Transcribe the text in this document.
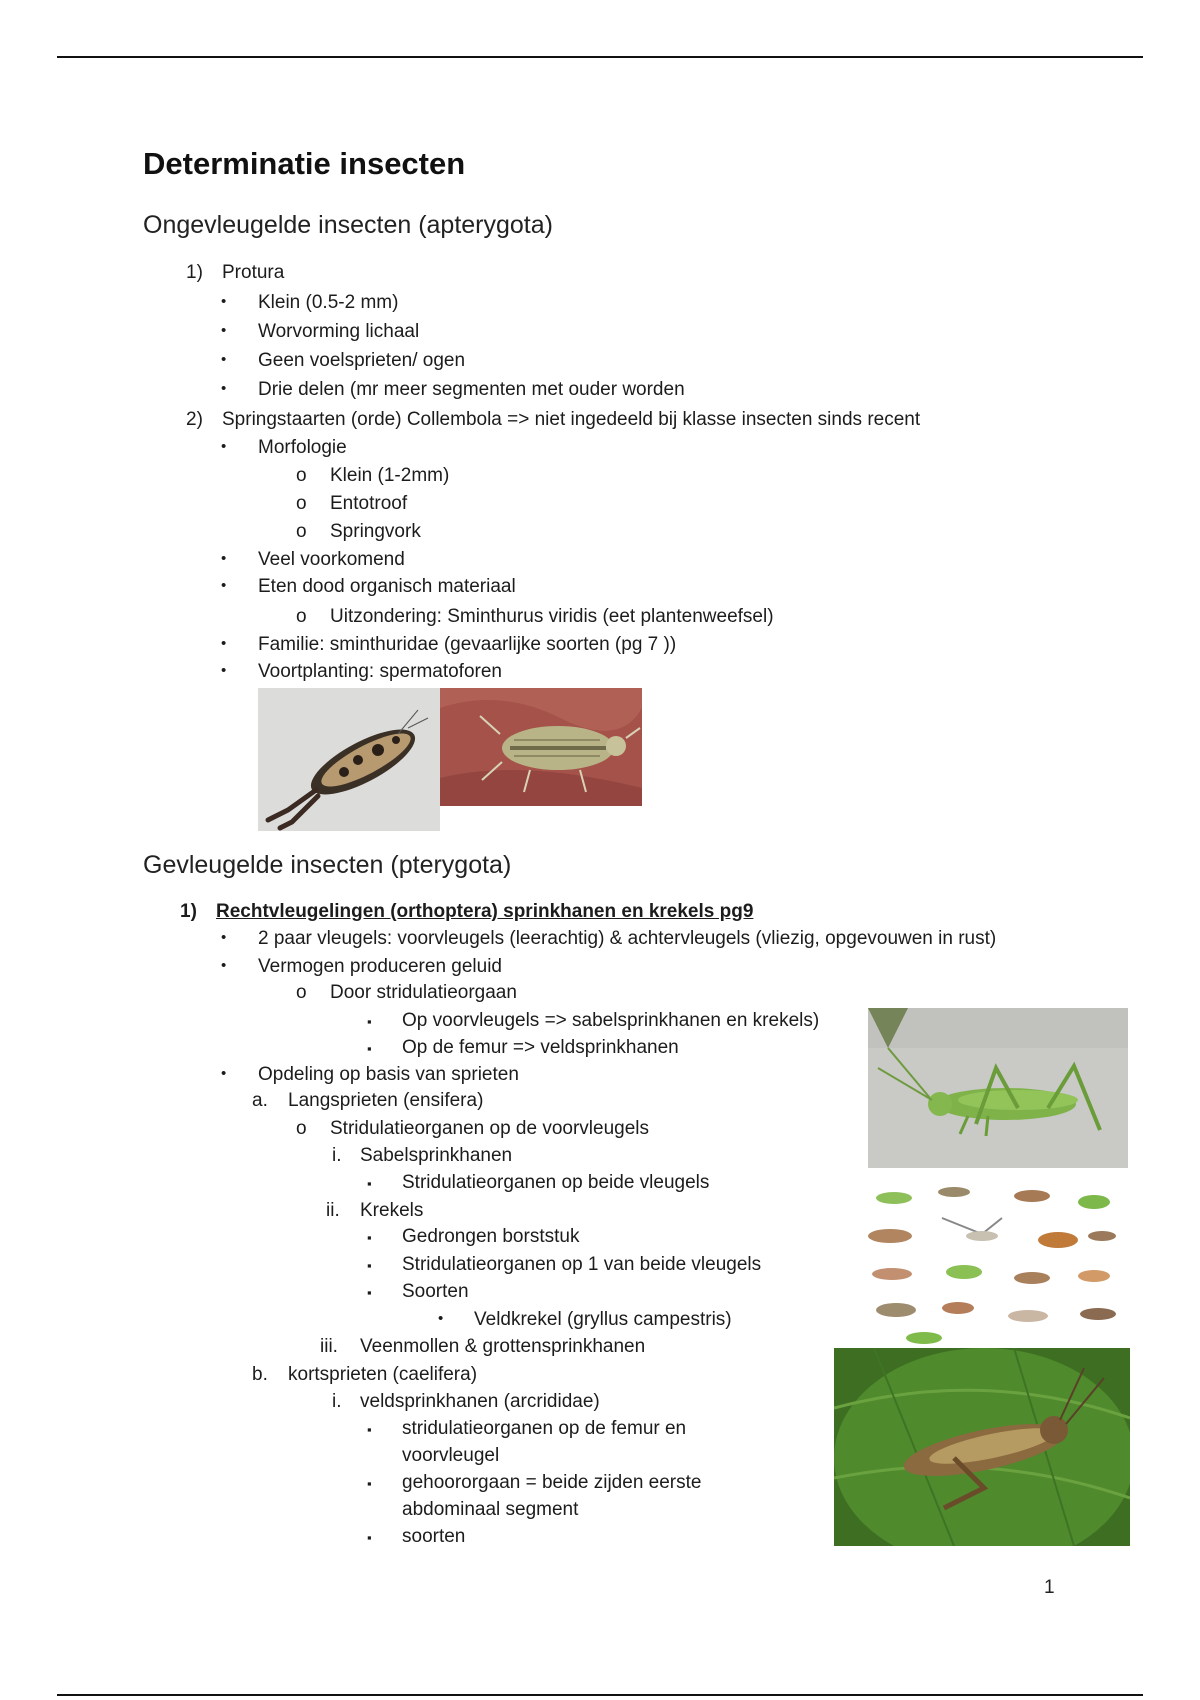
Determinatie insecten
Ongevleugelde insecten (apterygota)
1) Protura
• Klein (0.5-2 mm)
• Worvorming lichaal
• Geen voelsprieten/ ogen
• Drie delen (mr meer segmenten met ouder worden
2) Springstaarten (orde) Collembola => niet ingedeeld bij klasse insecten sinds recent
• Morfologie
o Klein (1-2mm)
o Entotroof
o Springvork
• Veel voorkomend
• Eten dood organisch materiaal
o Uitzondering: Sminthurus viridis (eet plantenweefsel)
• Familie: sminthuridae (gevaarlijke soorten (pg 7 ))
• Voortplanting: spermatoforen
Gevleugelde insecten (pterygota)
1) Rechtvleugelingen (orthoptera) sprinkhanen en krekels pg9
• 2 paar vleugels: voorvleugels (leerachtig) & achtervleugels (vliezig, opgevouwen in rust)
• Vermogen produceren geluid
o Door stridulatieorgaan
▪ Op voorvleugels => sabelsprinkhanen en krekels)
▪ Op de femur => veldsprinkhanen
• Opdeling op basis van sprieten
a. Langsprieten (ensifera)
o Stridulatieorganen op de voorvleugels
i. Sabelsprinkhanen
▪ Stridulatieorganen op beide vleugels
ii. Krekels
▪ Gedrongen borststuk
▪ Stridulatieorganen op 1 van beide vleugels
▪ Soorten
• Veldkrekel (gryllus campestris)
iii. Veenmollen & grottensprinkhanen
b. kortsprieten (caelifera)
i. veldsprinkhanen (arcrididae)
▪ stridulatieorganen op de femur en
voorvleugel
▪ gehoororgaan = beide zijden eerste
abdominaal segment
▪ soorten
1
